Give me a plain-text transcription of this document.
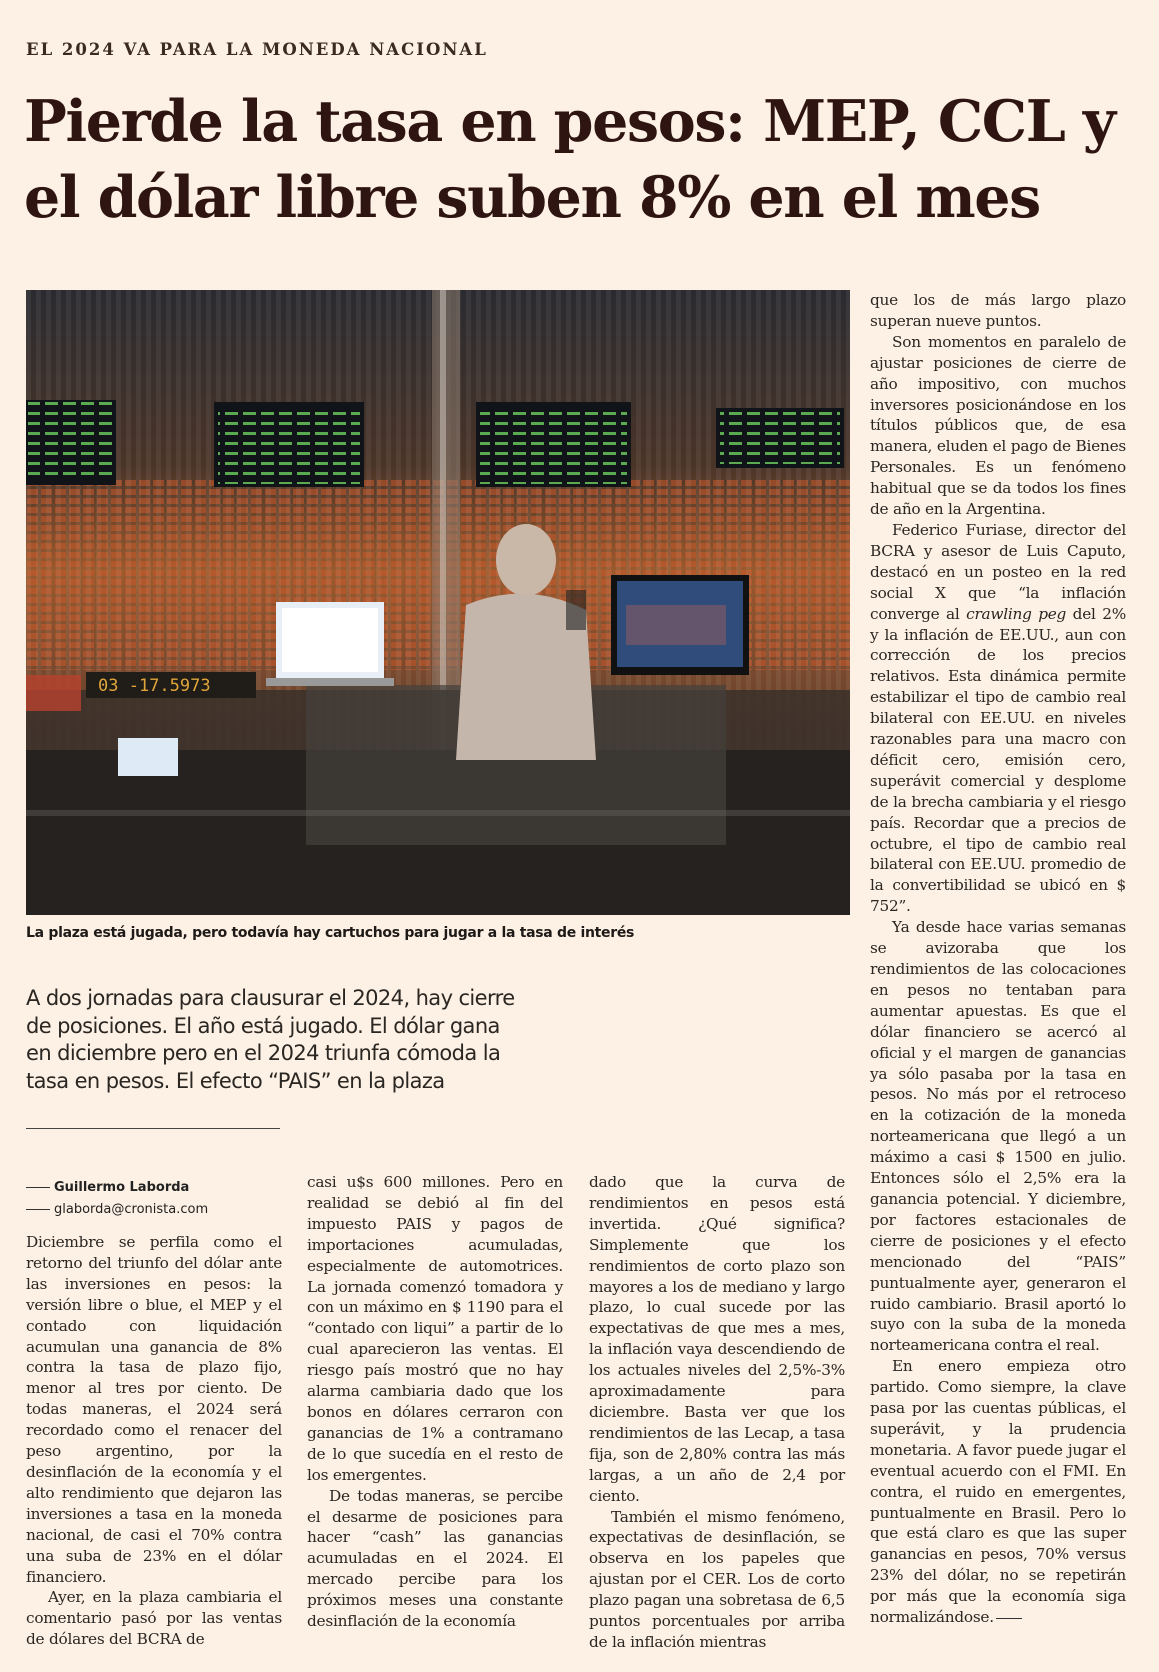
EL 2024 VA PARA LA MONEDA NACIONAL
Pierde la tasa en pesos: MEP, CCL y
el dólar libre suben 8% en el mes
03 -17.5973
La plaza está jugada, pero todavía hay cartuchos para jugar a la tasa de interés
A dos jornadas para clausurar el 2024, hay cierre de posiciones. El año está jugado. El dólar gana en diciembre pero en el 2024 triunfa cómoda la tasa en pesos. El efecto “PAIS” en la plaza
Guillermo Laborda
glaborda@cronista.com

Diciembre se perfila como el retorno del triunfo del dólar ante las inversiones en pesos: la versión libre o blue, el MEP y el contado con liquidación acumulan una ganancia de 8% contra la tasa de plazo fijo, menor al tres por ciento. De todas maneras, el 2024 será recordado como el renacer del peso argentino, por la desinflación de la economía y el alto rendimiento que dejaron las inversiones a tasa en la moneda nacional, de casi el 70% contra una suba de 23% en el dólar financiero.

Ayer, en la plaza cambiaria el comentario pasó por las ventas de dólares del BCRA de

casi u$s 600 millones. Pero en realidad se debió al fin del impuesto PAIS y pagos de importaciones acumuladas, especialmente de automotrices. La jornada comenzó tomadora y con un máximo en $ 1190 para el “contado con liqui” a partir de lo cual aparecieron las ventas. El riesgo país mostró que no hay alarma cambiaria dado que los bonos en dólares cerraron con ganancias de 1% a contramano de lo que sucedía en el resto de los emergentes.

De todas maneras, se percibe el desarme de posiciones para hacer “cash” las ganancias acumuladas en el 2024. El mercado percibe para los próximos meses una constante desinflación de la economía

dado que la curva de rendimientos en pesos está invertida. ¿Qué significa? Simplemente que los rendimientos de corto plazo son mayores a los de mediano y largo plazo, lo cual sucede por las expectativas de que mes a mes, la inflación vaya descendiendo de los actuales niveles del 2,5%-3% aproximadamente para diciembre. Basta ver que los rendimientos de las Lecap, a tasa fija, son de 2,80% contra las más largas, a un año de 2,4 por ciento.

También el mismo fenómeno, expectativas de desinflación, se observa en los papeles que ajustan por el CER. Los de corto plazo pagan una sobretasa de 6,5 puntos porcentuales por arriba de la inflación mientras

que los de más largo plazo superan nueve puntos.

Son momentos en paralelo de ajustar posiciones de cierre de año impositivo, con muchos inversores posicionándose en los títulos públicos que, de esa manera, eluden el pago de Bienes Personales. Es un fenómeno habitual que se da todos los fines de año en la Argentina.

Federico Furiase, director del BCRA y asesor de Luis Caputo, destacó en un posteo en la red social X que “la inflación converge al crawling peg del 2% y la inflación de EE.UU., aun con corrección de los precios relativos. Esta dinámica permite estabilizar el tipo de cambio real bilateral con EE.UU. en niveles razonables para una macro con déficit cero, emisión cero, superávit comercial y desplome de la brecha cambiaria y el riesgo país. Recordar que a precios de octubre, el tipo de cambio real bilateral con EE.UU. promedio de la convertibilidad se ubicó en $ 752”.

Ya desde hace varias semanas se avizoraba que los rendimientos de las colocaciones en pesos no tentaban para aumentar apuestas. Es que el dólar financiero se acercó al oficial y el margen de ganancias ya sólo pasaba por la tasa en pesos. No más por el retroceso en la cotización de la moneda norteamericana que llegó a un máximo a casi $ 1500 en julio. Entonces sólo el 2,5% era la ganancia potencial. Y diciembre, por factores estacionales de cierre de posiciones y el efecto mencionado del “PAIS” puntualmente ayer, generaron el ruido cambiario. Brasil aportó lo suyo con la suba de la moneda norteamericana contra el real.

En enero empieza otro partido. Como siempre, la clave pasa por las cuentas públicas, el superávit, y la prudencia monetaria. A favor puede jugar el eventual acuerdo con el FMI. En contra, el ruido en emergentes, puntualmente en Brasil. Pero lo que está claro es que las super ganancias en pesos, 70% versus 23% del dólar, no se repetirán por más que la economía siga normalizándose.
